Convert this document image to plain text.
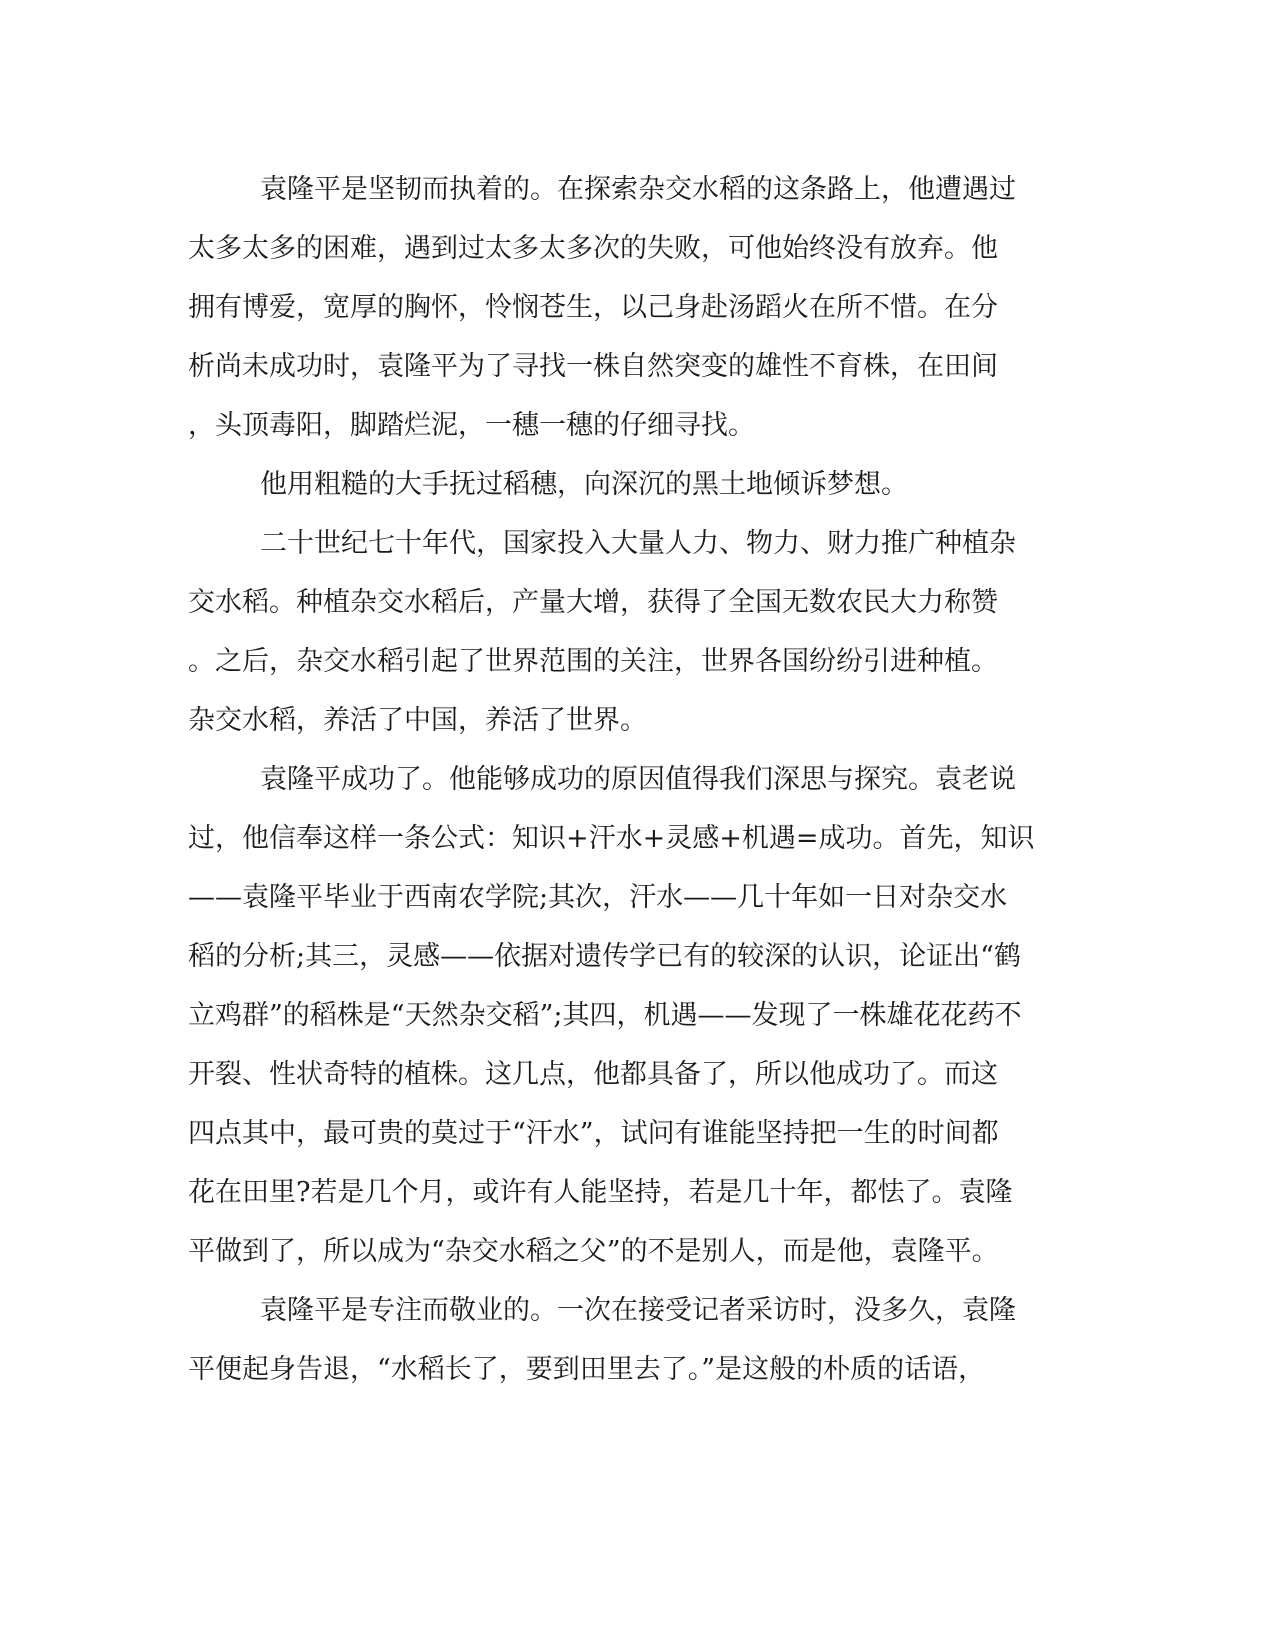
袁隆平是坚韧而执着的。在探索杂交水稻的这条路上，他遭遇过
太多太多的困难，遇到过太多太多次的失败，可他始终没有放弃。他
拥有博爱，宽厚的胸怀，怜悯苍生，以己身赴汤蹈火在所不惜。在分
析尚未成功时，袁隆平为了寻找一株自然突变的雄性不育株，在田间
，头顶毒阳，脚踏烂泥，一穗一穗的仔细寻找。
他用粗糙的大手抚过稻穗，向深沉的黑土地倾诉梦想。
二十世纪七十年代，国家投入大量人力、物力、财力推广种植杂
交水稻。种植杂交水稻后，产量大增，获得了全国无数农民大力称赞
。之后，杂交水稻引起了世界范围的关注，世界各国纷纷引进种植。
杂交水稻，养活了中国，养活了世界。
袁隆平成功了。他能够成功的原因值得我们深思与探究。袁老说
过，他信奉这样一条公式：知识+汗水+灵感+机遇=成功。首先，知识
——袁隆平毕业于西南农学院;其次，汗水——几十年如一日对杂交水
稻的分析;其三，灵感——依据对遗传学已有的较深的认识，论证出“鹤
立鸡群”的稻株是“天然杂交稻”;其四，机遇——发现了一株雄花花药不
开裂、性状奇特的植株。这几点，他都具备了，所以他成功了。而这
四点其中，最可贵的莫过于“汗水”，试问有谁能坚持把一生的时间都
花在田里?若是几个月，或许有人能坚持，若是几十年，都怯了。袁隆
平做到了，所以成为“杂交水稻之父”的不是别人，而是他，袁隆平。
袁隆平是专注而敬业的。一次在接受记者采访时，没多久，袁隆
平便起身告退，“水稻长了，要到田里去了。”是这般的朴质的话语，
